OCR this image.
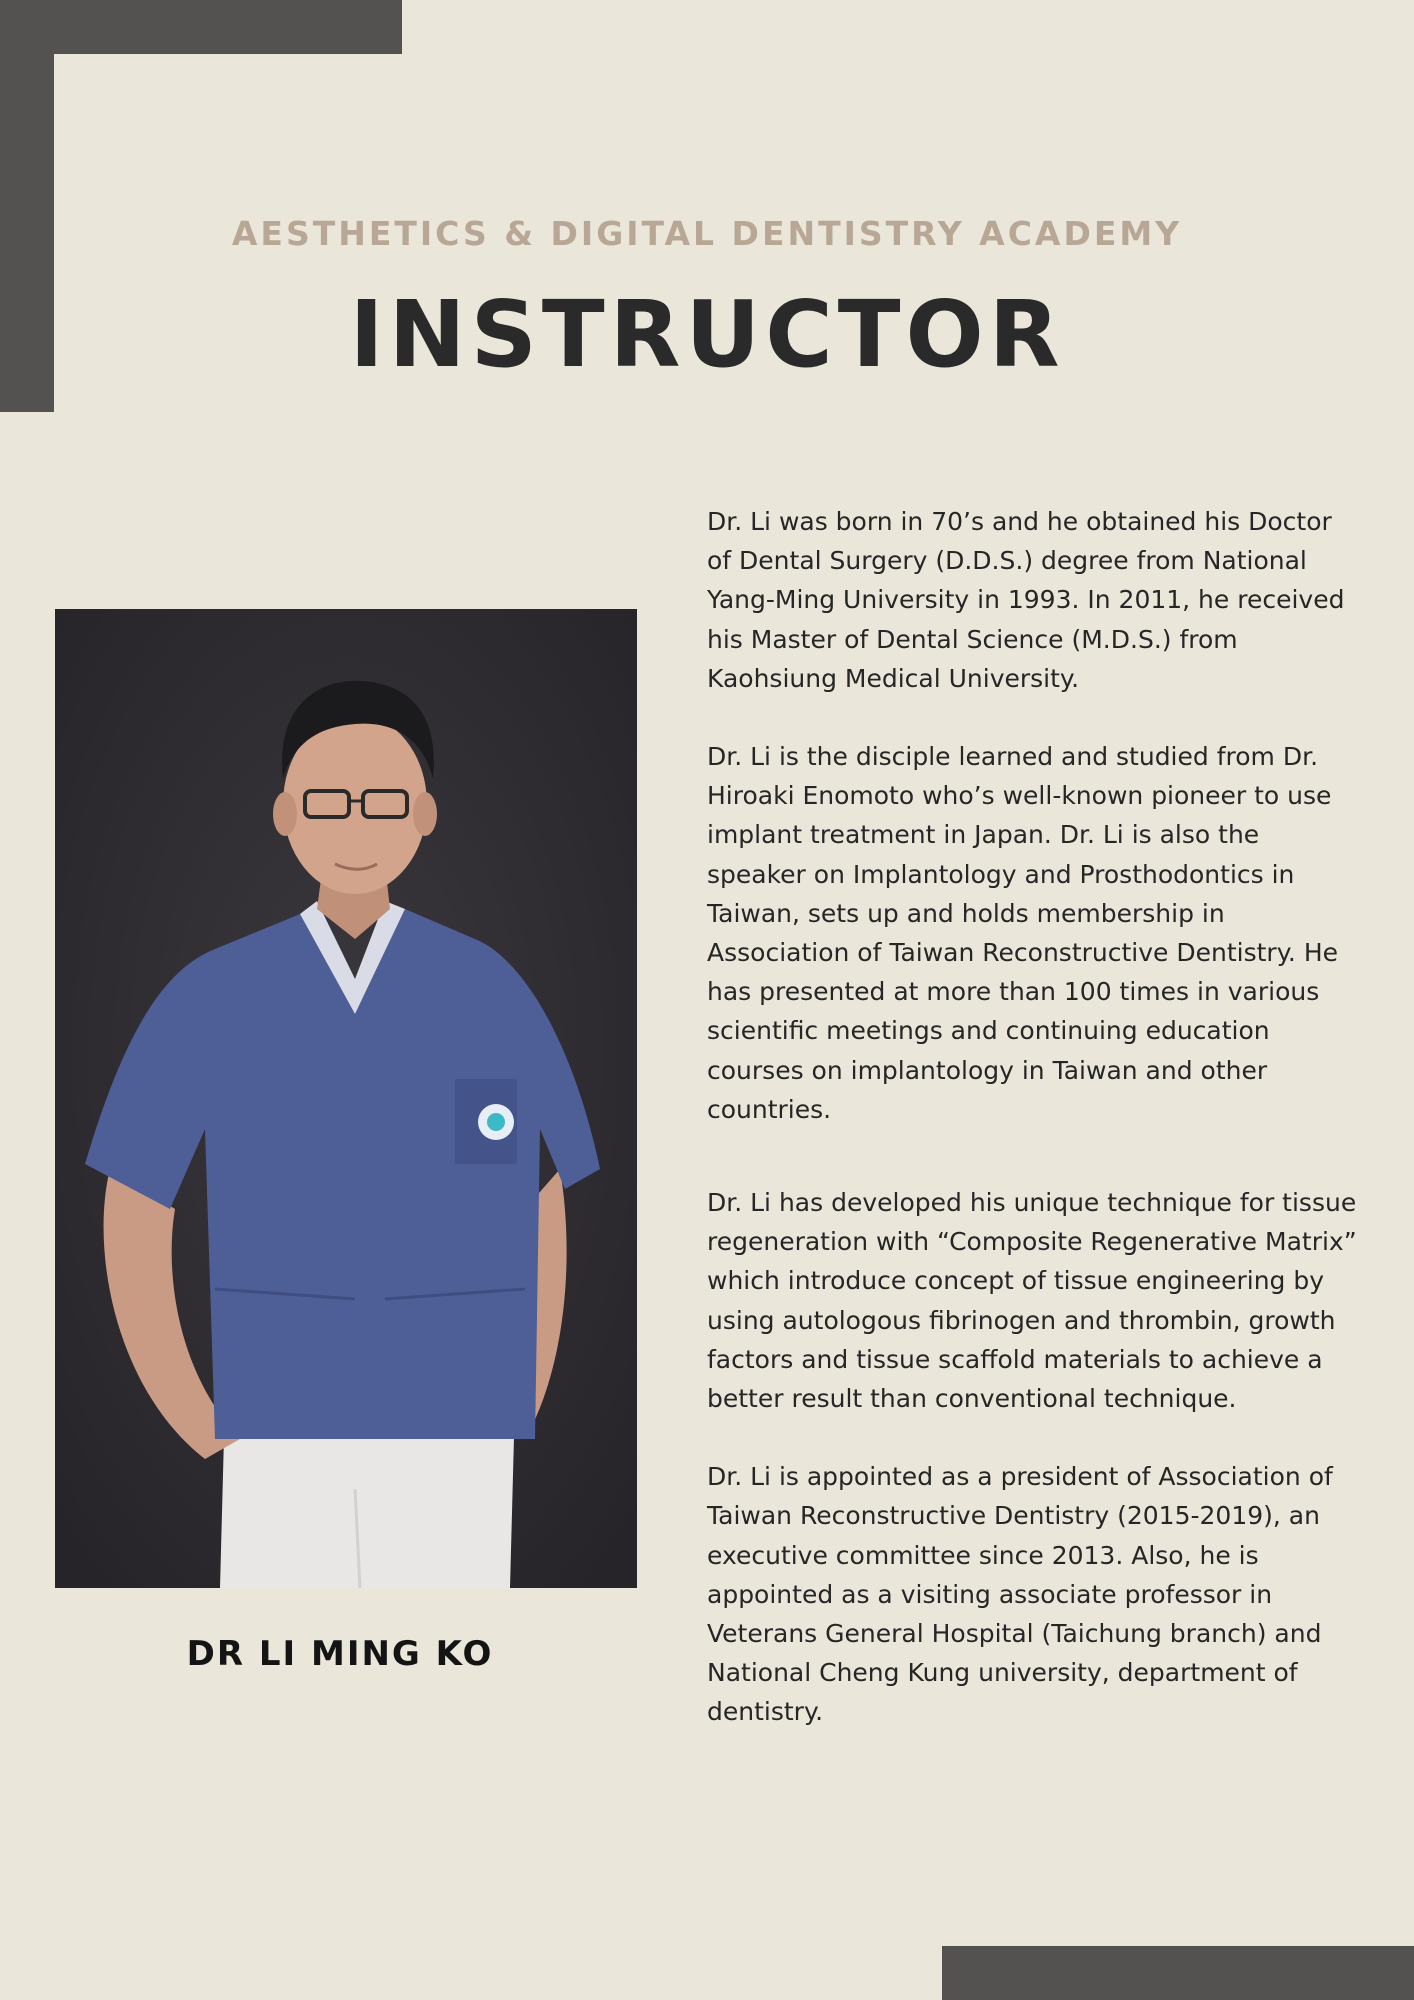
AESTHETICS & DIGITAL DENTISTRY ACADEMY
INSTRUCTOR
DR LI MING KO

Dr. Li was born in 70’s and he obtained his Doctor of Dental Surgery (D.D.S.) degree from National Yang-Ming University in 1993. In 2011, he received his Master of Dental Science (M.D.S.) from Kaohsiung Medical University.

Dr. Li is the disciple learned and studied from Dr. Hiroaki Enomoto who’s well-known pioneer to use implant treatment in Japan. Dr. Li is also the speaker on Implantology and Prosthodontics in Taiwan, sets up and holds membership in Association of Taiwan Reconstructive Dentistry. He has presented at more than 100 times in various scientific meetings and continuing education courses on implantology in Taiwan and other countries.

Dr. Li has developed his unique technique for tissue regeneration with “Composite Regenerative Matrix” which introduce concept of tissue engineering by using autologous fibrinogen and thrombin, growth factors and tissue scaffold materials to achieve a better result than conventional technique.

Dr. Li is appointed as a president of Association of Taiwan Reconstructive Dentistry (2015-2019), an executive committee since 2013. Also, he is appointed as a visiting associate professor in Veterans General Hospital (Taichung branch) and National Cheng Kung university, department of dentistry.
